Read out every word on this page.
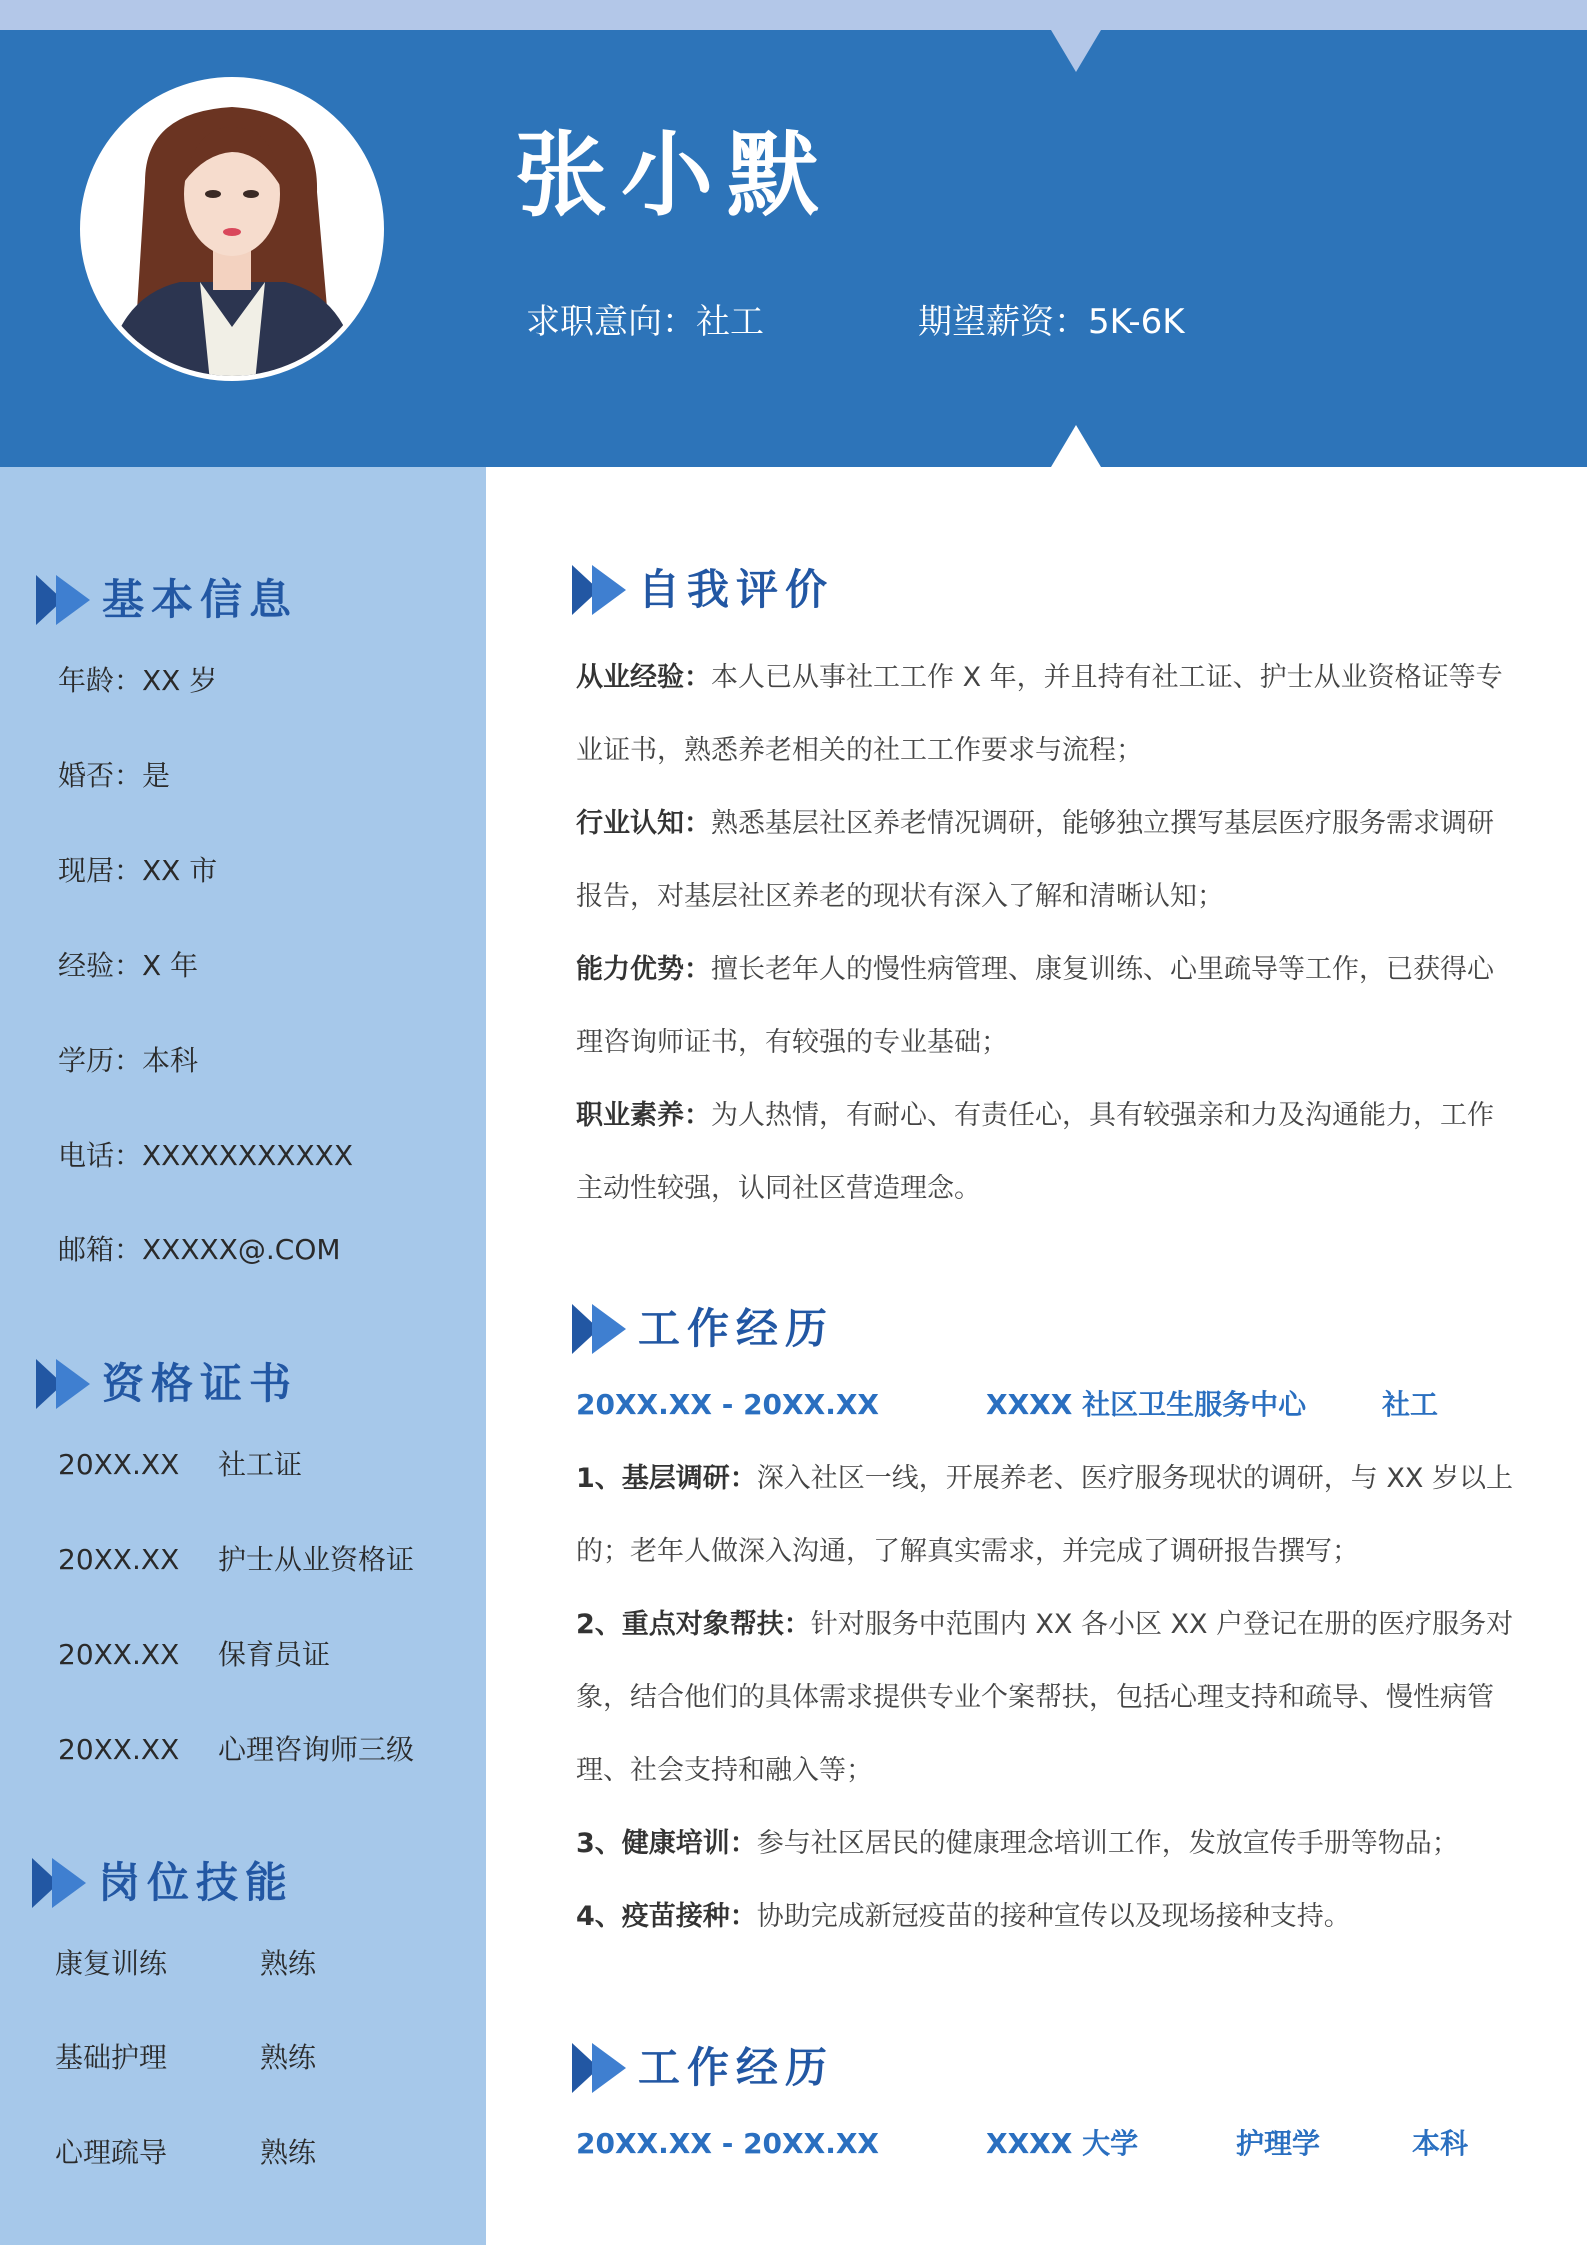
张小默
求职意向：社工	期望薪资：5K-6K
基本信息
年龄：XX 岁
婚否：是
现居：XX 市
经验：X 年
学历：本科
电话：XXXXXXXXXXX
邮箱：XXXXX@.COM
资格证书
20XX.XX 社工证
20XX.XX 护士从业资格证
20XX.XX 保育员证
20XX.XX 心理咨询师三级
岗位技能
康复训练	熟练
基础护理	熟练
心理疏导	熟练
自我评价
从业经验：本人已从事社工工作 X 年，并且持有社工证、护士从业资格证等专业证书，熟悉养老相关的社工工作要求与流程；
行业认知：熟悉基层社区养老情况调研，能够独立撰写基层医疗服务需求调研报告，对基层社区养老的现状有深入了解和清晰认知；
能力优势：擅长老年人的慢性病管理、康复训练、心里疏导等工作，已获得心理咨询师证书，有较强的专业基础；
职业素养：为人热情，有耐心、有责任心，具有较强亲和力及沟通能力，工作主动性较强，认同社区营造理念。
工作经历
20XX.XX - 20XX.XX	XXXX 社区卫生服务中心	社工
1、基层调研：深入社区一线，开展养老、医疗服务现状的调研，与 XX 岁以上的；老年人做深入沟通，了解真实需求，并完成了调研报告撰写；
2、重点对象帮扶：针对服务中范围内 XX 各小区 XX 户登记在册的医疗服务对象，结合他们的具体需求提供专业个案帮扶，包括心理支持和疏导、慢性病管理、社会支持和融入等；
3、健康培训：参与社区居民的健康理念培训工作，发放宣传手册等物品；
4、疫苗接种：协助完成新冠疫苗的接种宣传以及现场接种支持。
工作经历
20XX.XX - 20XX.XX	XXXX 大学	护理学	本科
